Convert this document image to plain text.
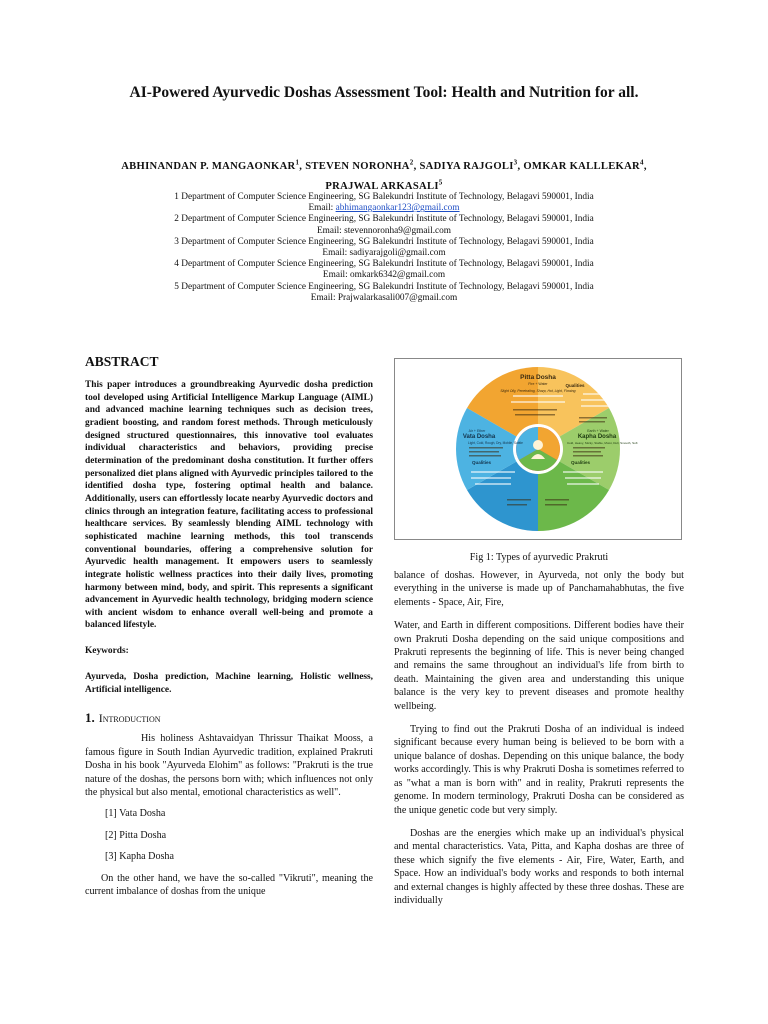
AI-Powered Ayurvedic Doshas Assessment Tool: Health and Nutrition for all.
ABHINANDAN P. MANGAONKAR$^1$, STEVEN NORONHA$^2$, SADIYA RAJGOLI$^3$, OMKAR KALLLEKAR$^4$,
PRAJWAL ARKASALI$^5$
1 Department of Computer Science Engineering, SG Balekundri Institute of Technology, Belagavi 590001, India
Email: abhimangaonkar123@gmail.com
2 Department of Computer Science Engineering, SG Balekundri Institute of Technology, Belagavi 590001, India
Email: stevennoronha9@gmail.com
3 Department of Computer Science Engineering, SG Balekundri Institute of Technology, Belagavi 590001, India
Email: sadiyarajgoli@gmail.com
4 Department of Computer Science Engineering, SG Balekundri Institute of Technology, Belagavi 590001, India
Email: omkark6342@gmail.com
5 Department of Computer Science Engineering, SG Balekundri Institute of Technology, Belagavi 590001, India
Email: Prajwalarkasali007@gmail.com
ABSTRACT

This paper introduces a groundbreaking Ayurvedic dosha prediction tool developed using Artificial Intelligence Markup Language (AIML) and advanced machine learning techniques such as decision trees, gradient boosting, and random forest methods. Through meticulously designed structured questionnaires, this innovative tool evaluates individual characteristics and behaviors, providing precise determination of the predominant dosha constitution. It further offers personalized diet plans aligned with Ayurvedic principles tailored to the identified dosha type, fostering optimal health and balance. Additionally, users can effortlessly locate nearby Ayurvedic doctors and clinics through an integration feature, facilitating access to professional healthcare services. By seamlessly blending AIML technology with sophisticated machine learning methods, this tool transcends conventional boundaries, offering a comprehensive solution for Ayurvedic health management. It empowers users to seamlessly integrate holistic wellness practices into their daily lives, promoting harmony between mind, body, and spirit. This represents a significant advancement in Ayurvedic health technology, bridging modern science with ancient wisdom to enhance overall well-being and promote a balanced lifestyle.

Keywords:

Ayurveda, Dosha prediction, Machine learning, Holistic wellness, Artificial intelligence.

1. Introduction

His holiness Ashtavaidyan Thrissur Thaikat Mooss, a famous figure in South Indian Ayurvedic tradition, explained Prakruti Dosha in his book "Ayurveda Elohim" as follows: "Prakruti is the true nature of the doshas, the persons born with; which influences not only the physical but also mental, emotional characteristics as well".

[1] Vata Dosha
[2] Pitta Dosha
[3] Kapha Dosha

On the other hand, we have the so-called "Vikruti", meaning the current imbalance of doshas from the unique

Pitta Dosha
Fire + Water
Slight Oily, Penetrating, Sharp, Hot, Light, Flowing
Qualities
Air + Ether
Vata Dosha
Qualities
Light, Cold, Rough, Dry, Mobile, Subtle
Earth + Water
Kapha Dosha
Qualities
Cold, Heavy, Sticky, Stable, Moist, Dull, Smooth, Soft
Fig 1: Types of ayurvedic Prakruti

balance of doshas. However, in Ayurveda, not only the body but everything in the universe is made up of Panchamahabhutas, the five elements - Space, Air, Fire,

Water, and Earth in different compositions. Different bodies have their own Prakruti Dosha depending on the said unique compositions and Prakruti represents the beginning of life. This is never being changed and remains the same throughout an individual's life from birth to death. Maintaining the given area and understanding this unique balance is the very key to prevent diseases and promote healthy wellbeing.

Trying to find out the Prakruti Dosha of an individual is indeed significant because every human being is believed to be born with a unique balance of doshas. Depending on this unique balance, the body works accordingly. This is why Prakruti Dosha is sometimes referred to as "what a man is born with" and in reality, Prakruti represents the genome. In modern terminology, Prakruti Dosha can be considered as the unique genetic code but very simply.

Doshas are the energies which make up an individual's physical and mental characteristics. Vata, Pitta, and Kapha doshas are three of these which signify the five elements - Air, Fire, Water, Earth, and Space. How an individual's body works and responds to both internal and external changes is highly affected by these three doshas. These are individually
